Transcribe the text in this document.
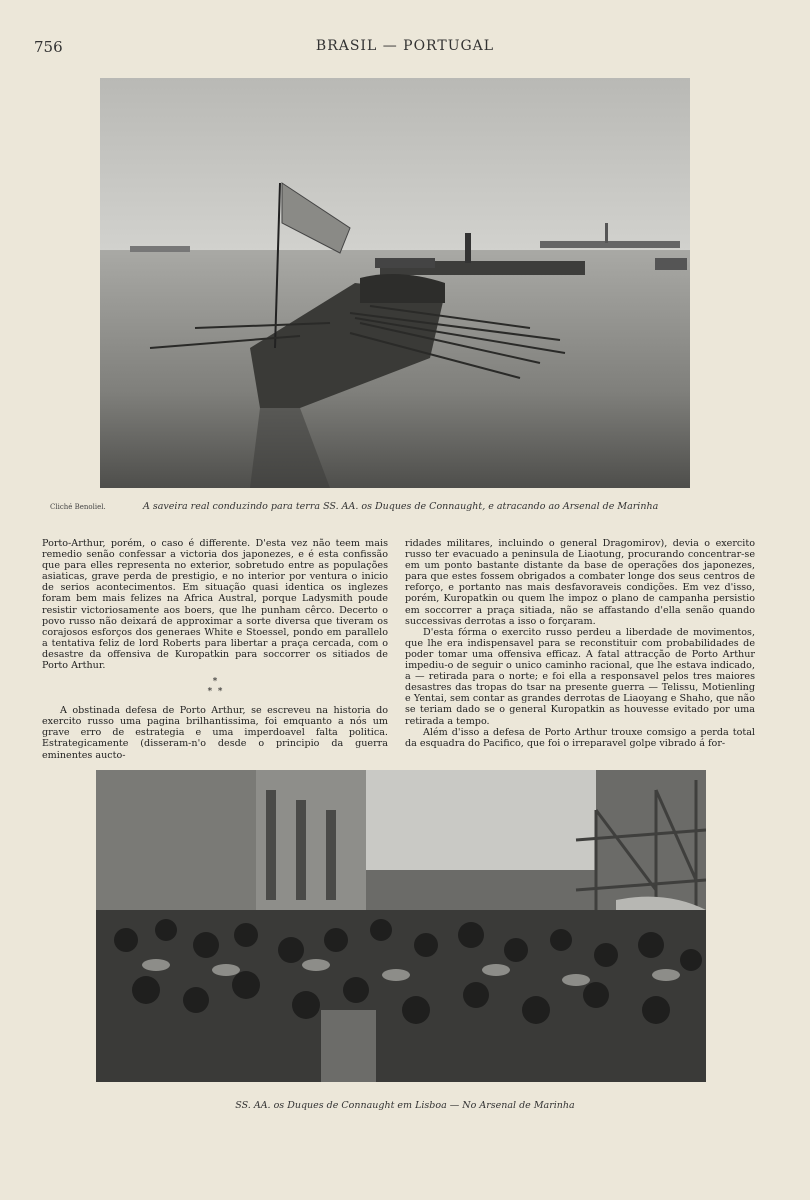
756	BRASIL — PORTUGAL
Cliché Benoliel.	A saveira real conduzindo para terra SS. AA. os Duques de Connaught, e atracando ao Arsenal de Marinha

Porto-Arthur, porém, o caso é differente. D'esta vez não teem mais remedio senão confessar a victoria dos japonezes, e é esta confissão que para elles representa no exterior, sobretudo entre as populações asiaticas, grave perda de prestigio, e no interior por ventura o inicio de serios acontecimentos. Em situação quasi identica os inglezes foram bem mais felizes na Africa Austral, porque Ladysmith poude resistir victoriosamente aos boers, que lhe punham cêrco. Decerto o povo russo não deixará de approximar a sorte diversa que tiveram os corajosos esforços dos generaes White e Stoessel, pondo em parallelo a tentativa feliz de lord Roberts para libertar a praça cercada, com o desastre da offensiva de Kuropatkin para soccorrer os sitiados de Porto Arthur.

*
*  *

A obstinada defesa de Porto Arthur, se escreveu na historia do exercito russo uma pagina brilhantissima, foi emquanto a nós um grave erro de estrategia e uma imperdoavel falta politica. Estrategicamente (disseram-n'o desde o principio da guerra eminentes aucto-

ridades militares, incluindo o general Dragomirov), devia o exercito russo ter evacuado a peninsula de Liaotung, procurando concentrar-se em um ponto bastante distante da base de operações dos japonezes, para que estes fossem obrigados a combater longe dos seus centros de reforço, e portanto nas mais desfavoraveis condições. Em vez d'isso, porém, Kuropatkin ou quem lhe impoz o plano de campanha persistio em soccorrer a praça sitiada, não se affastando d'ella senão quando successivas derrotas a isso o forçaram.

D'esta fórma o exercito russo perdeu a liberdade de movimentos, que lhe era indispensavel para se reconstituir com probabilidades de poder tomar uma offensiva efficaz. A fatal attracção de Porto Arthur impediu-o de seguir o unico caminho racional, que lhe estava indicado, a — retirada para o norte; e foi ella a responsavel pelos tres maiores desastres das tropas do tsar na presente guerra — Telissu, Motienling e Yentai, sem contar as grandes derrotas de Liaoyang e Shaho, que não se teriam dado se o general Kuropatkin as houvesse evitado por uma retirada a tempo.

Além d'isso a defesa de Porto Arthur trouxe comsigo a perda total da esquadra do Pacifico, que foi o irreparavel golpe vibrado á for-

SS. AA. os Duques de Connaught em Lisboa — No Arsenal de Marinha
